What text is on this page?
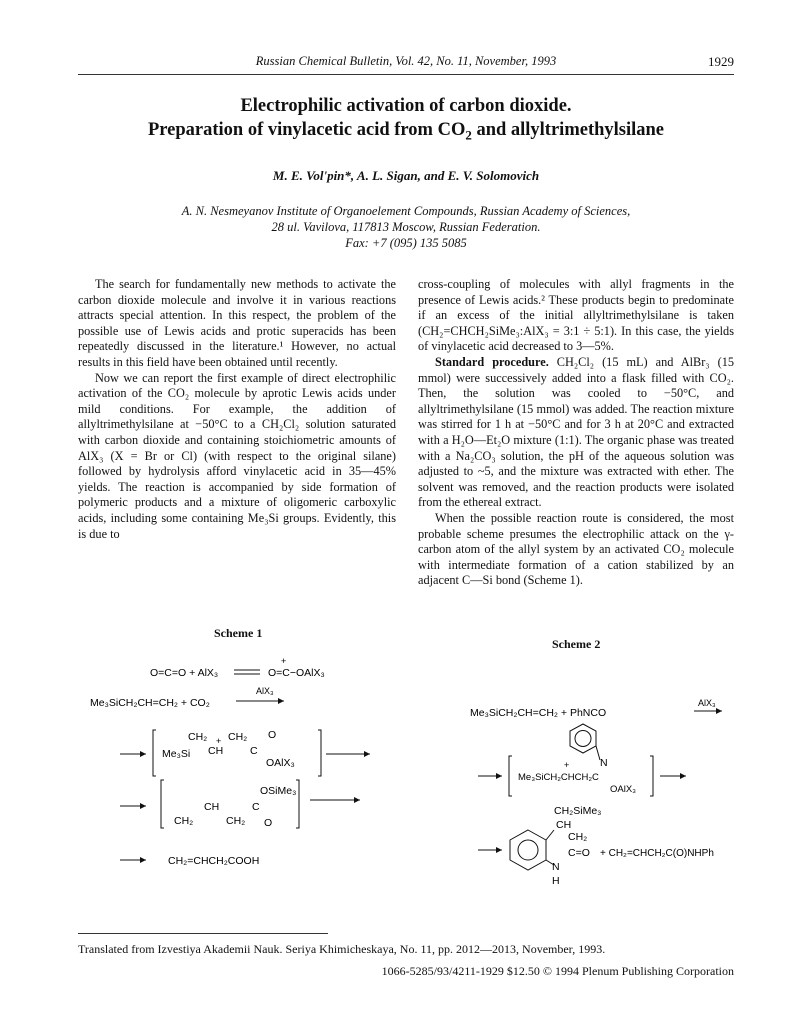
Russian Chemical Bulletin, Vol. 42, No. 11, November, 1993	1929
Electrophilic activation of carbon dioxide.
Preparation of vinylacetic acid from $CO_2$ and allyltrimethylsilane
M. E. Vol'pin*, A. L. Sigan, and E. V. Solomovich
A. N. Nesmeyanov Institute of Organoelement Compounds, Russian Academy of Sciences,
28 ul. Vavilova, 117813 Moscow, Russian Federation.
Fax: +7 (095) 135 5085

The search for fundamentally new methods to activate the carbon dioxide molecule and involve it in various reactions attracts special attention. In this respect, the problem of the possible use of Lewis acids and protic superacids has been repeatedly discussed in the literature.¹ However, no actual results in this field have been obtained until recently.

Now we can report the first example of direct electrophilic activation of the CO₂ molecule by aprotic Lewis acids under mild conditions. For example, the addition of allyltrimethylsilane at −50°C to a CH₂Cl₂ solution saturated with carbon dioxide and containing stoichiometric amounts of AlX₃ (X = Br or Cl) (with respect to the original silane) followed by hydrolysis afford vinylacetic acid in 35—45% yields. The reaction is accompanied by side formation of polymeric products and a mixture of oligomeric carboxylic acids, including some containing Me₃Si groups. Evidently, this is due to

cross-coupling of molecules with allyl fragments in the presence of Lewis acids.² These products begin to predominate if an excess of the initial allyltrimethylsilane is taken (CH₂=CHCH₂SiMe₃:AlX₃ = 3:1 ÷ 5:1). In this case, the yields of vinylacetic acid decreased to 3—5%.

Standard procedure. CH₂Cl₂ (15 mL) and AlBr₃ (15 mmol) were successively added into a flask filled with CO₂. Then, the solution was cooled to −50°C, and allyltrimethylsilane (15 mmol) was added. The reaction mixture was stirred for 1 h at −50°C and for 3 h at 20°C and extracted with a H₂O—Et₂O mixture (1:1). The organic phase was treated with a Na₂CO₃ solution, the pH of the aqueous solution was adjusted to ~5, and the mixture was extracted with ether. The solvent was removed, and the reaction products were isolated from the ethereal extract.

When the possible reaction route is considered, the most probable scheme presumes the electrophilic attack on the γ-carbon atom of the allyl system by an activated CO₂ molecule with intermediate formation of a cation stabilized by an adjacent C—Si bond (Scheme 1).

Scheme 1
Scheme 2
O=C=O + AlX₃	O=C−OAlX₃
+
Me₃SiCH₂CH=CH₂ + CO₂
AlX₃
Me₃Si
CH₂
CH
+ CH₂
C
O
OAlX₃
OSiMe₃
CH	C
CH₂	CH₂ O
CH₂=CHCH₂COOH
Me₃SiCH₂CH=CH₂ + PhNCO
AlX₃
Me₃SiCH₂CHCH₂C
+	N
OAlX₃
CH₂SiMe₃
CH
CH₂
C=O
N
H
+ CH₂=CHCH₂C(O)NHPh
Translated from Izvestiya Akademii Nauk. Seriya Khimicheskaya, No. 11, pp. 2012—2013, November, 1993.
1066-5285/93/4211-1929 $12.50 © 1994 Plenum Publishing Corporation
